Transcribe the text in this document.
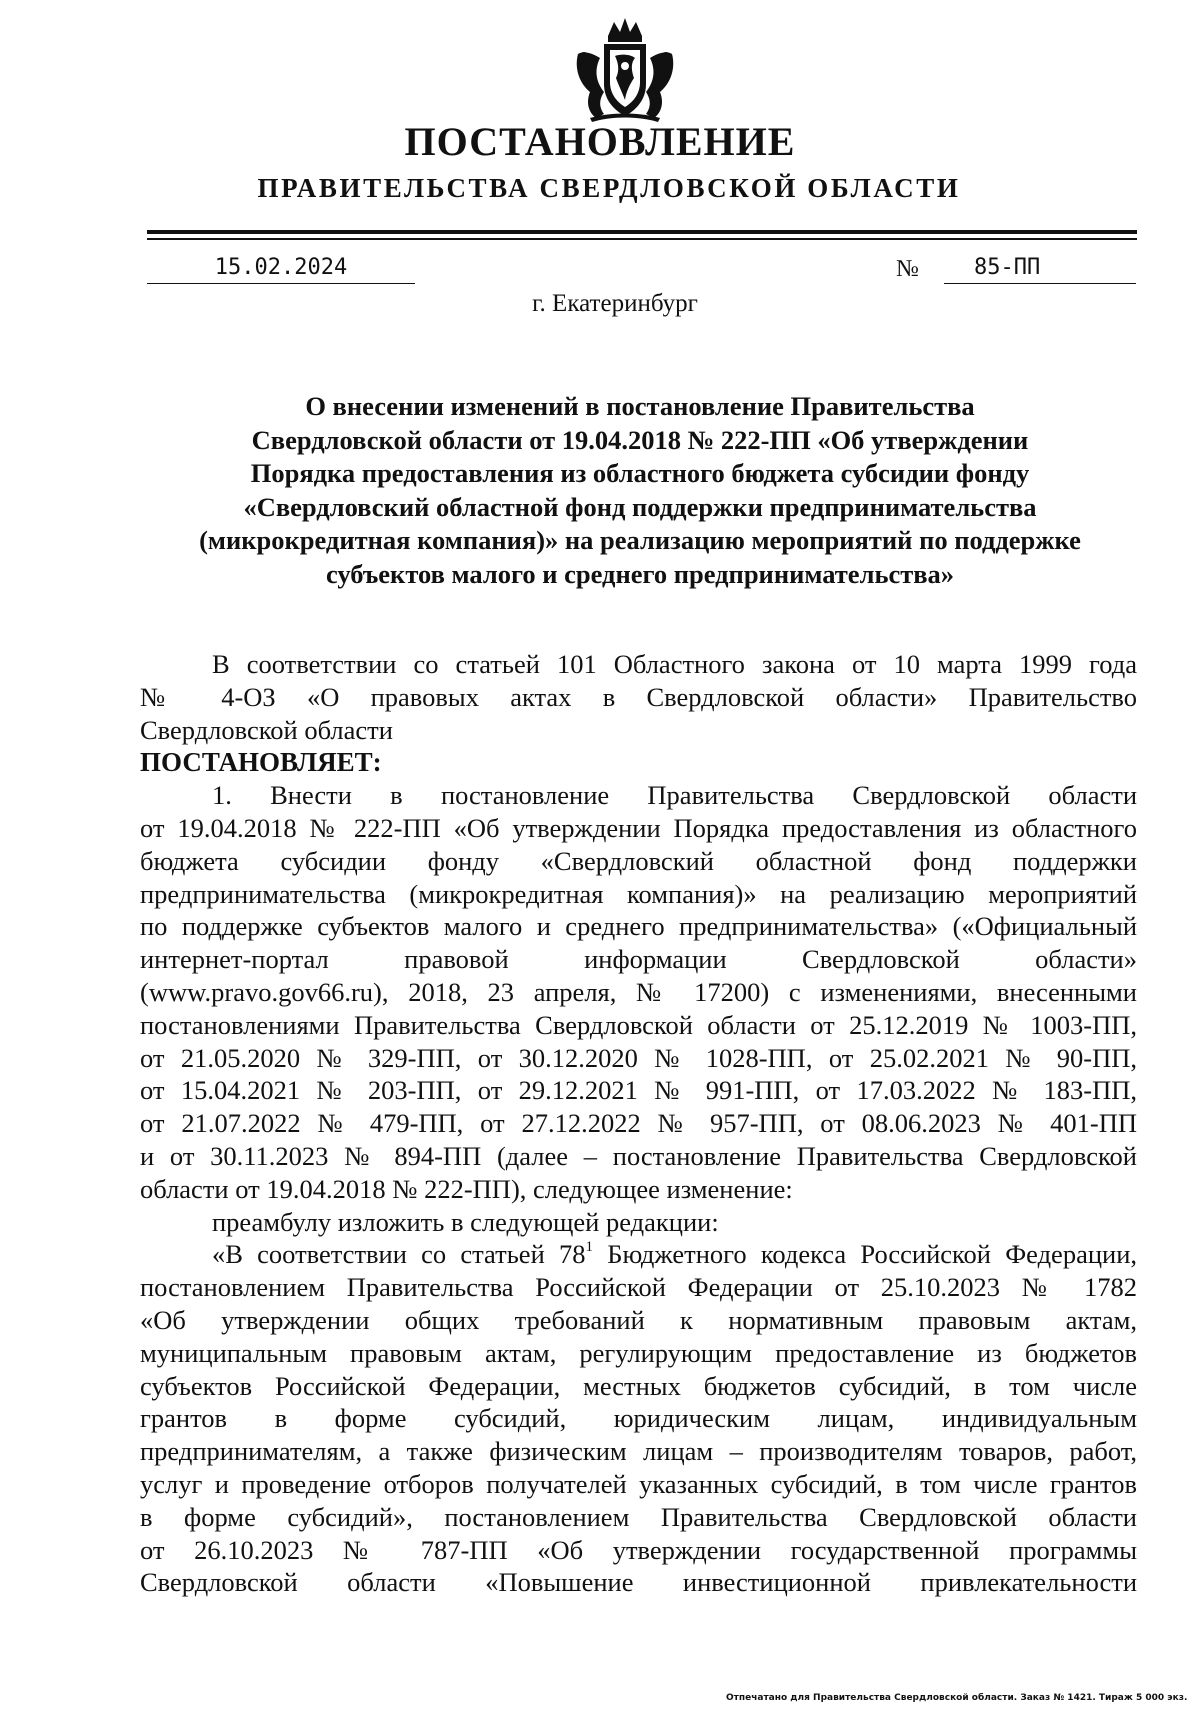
ПОСТАНОВЛЕНИЕ
ПРАВИТЕЛЬСТВА СВЕРДЛОВСКОЙ ОБЛАСТИ
15.02.2024	№	85-ПП
г. Екатеринбург
О внесении изменений в постановление Правительства
Свердловской области от 19.04.2018 № 222-ПП «Об утверждении
Порядка предоставления из областного бюджета субсидии фонду
«Свердловский областной фонд поддержки предпринимательства
(микрокредитная компания)» на реализацию мероприятий по поддержке
субъектов малого и среднего предпринимательства»
В соответствии со статьей 101 Областного закона от 10 марта 1999 года
№ 4-ОЗ «О правовых актах в Свердловской области» Правительство
Свердловской области
ПОСТАНОВЛЯЕТ:
1. Внести в постановление Правительства Свердловской области
от 19.04.2018 № 222-ПП «Об утверждении Порядка предоставления из областного
бюджета субсидии фонду «Свердловский областной фонд поддержки
предпринимательства (микрокредитная компания)» на реализацию мероприятий
по поддержке субъектов малого и среднего предпринимательства» («Официальный
интернет-портал правовой информации Свердловской области»
(www.pravo.gov66.ru), 2018, 23 апреля, № 17200) с изменениями, внесенными
постановлениями Правительства Свердловской области от 25.12.2019 № 1003-ПП,
от 21.05.2020 № 329-ПП, от 30.12.2020 № 1028-ПП, от 25.02.2021 № 90-ПП,
от 15.04.2021 № 203-ПП, от 29.12.2021 № 991-ПП, от 17.03.2022 № 183-ПП,
от 21.07.2022 № 479-ПП, от 27.12.2022 № 957-ПП, от 08.06.2023 № 401-ПП
и от 30.11.2023 № 894-ПП (далее – постановление Правительства Свердловской
области от 19.04.2018 № 222-ПП), следующее изменение:
преамбулу изложить в следующей редакции:
«В соответствии со статьей $78^1$ Бюджетного кодекса Российской Федерации,
постановлением Правительства Российской Федерации от 25.10.2023 № 1782
«Об утверждении общих требований к нормативным правовым актам,
муниципальным правовым актам, регулирующим предоставление из бюджетов
субъектов Российской Федерации, местных бюджетов субсидий, в том числе
грантов в форме субсидий, юридическим лицам, индивидуальным
предпринимателям, а также физическим лицам – производителям товаров, работ,
услуг и проведение отборов получателей указанных субсидий, в том числе грантов
в форме субсидий», постановлением Правительства Свердловской области
от 26.10.2023 № 787-ПП «Об утверждении государственной программы
Свердловской области «Повышение инвестиционной привлекательности
Отпечатано для Правительства Свердловской области. Заказ № 1421. Тираж 5 000 экз.
